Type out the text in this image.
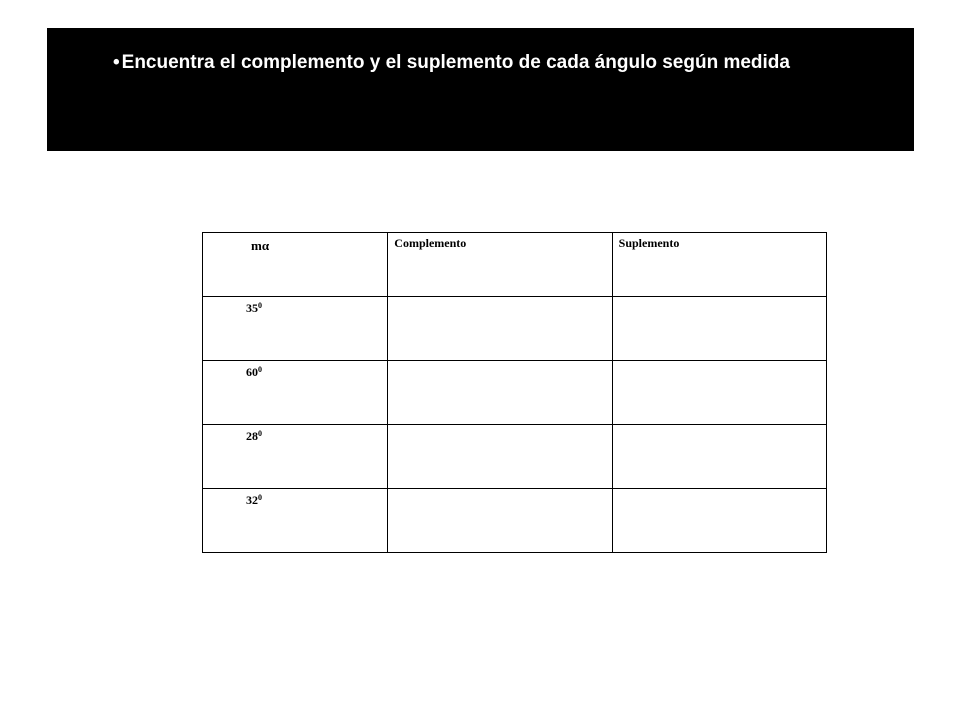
• Encuentra el complemento y el suplemento de cada ángulo según medida

mα	Complemento	Suplemento

$35^0$

$60^0$

$28^0$

$32^0$
